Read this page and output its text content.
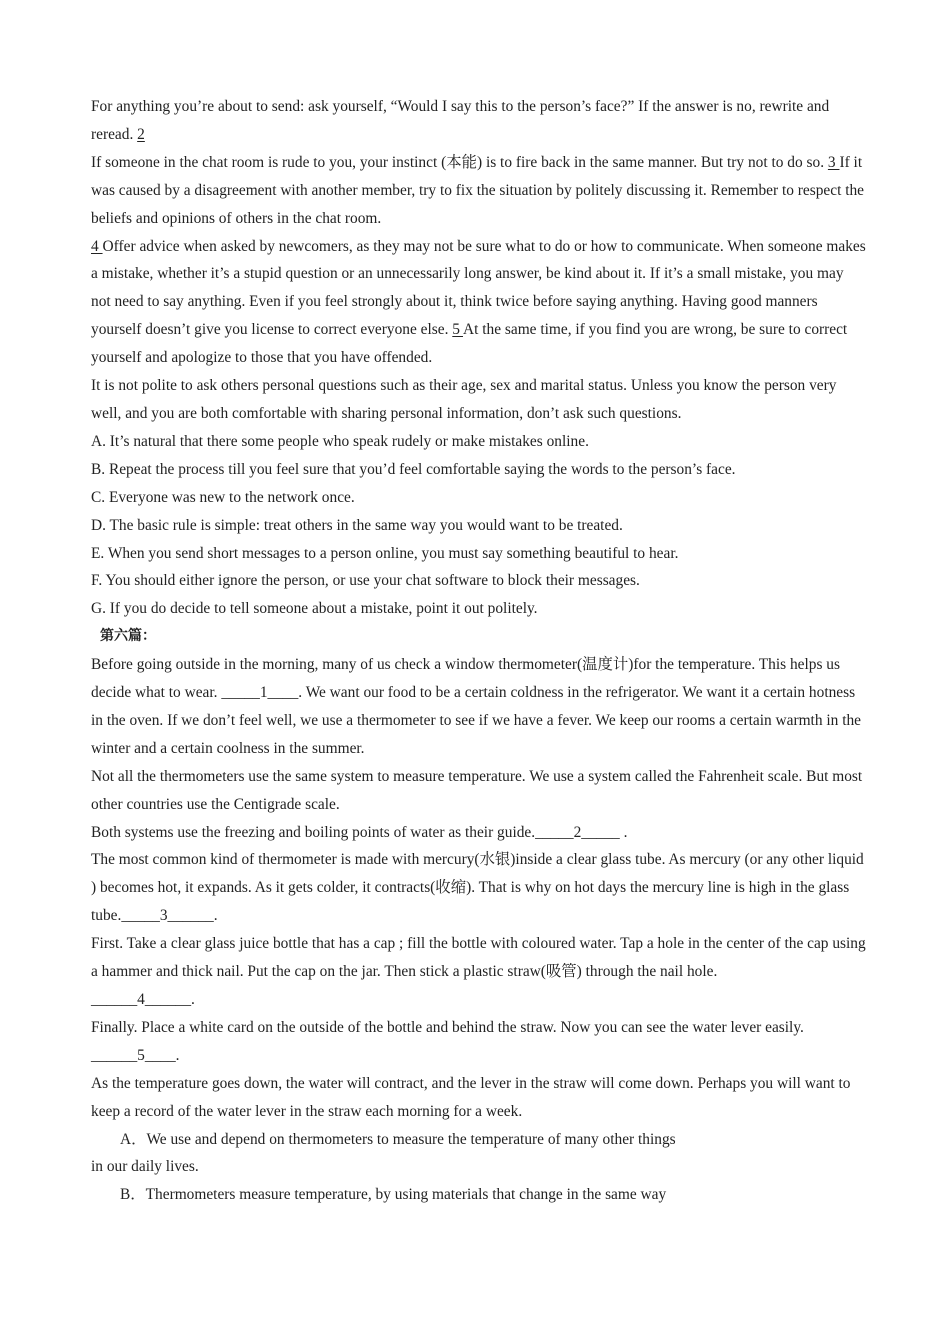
For anything you’re about to send: ask yourself, “Would I say this to the person’s face?” If the answer is no, rewrite and reread. 2

If someone in the chat room is rude to you, your instinct (本能) is to fire back in the same manner. But try not to do so. 3 If it was caused by a disagreement with another member, try to fix the situation by politely discussing it. Remember to respect the beliefs and opinions of others in the chat room.

4 Offer advice when asked by newcomers, as they may not be sure what to do or how to communicate. When someone makes a mistake, whether it’s a stupid question or an unnecessarily long answer, be kind about it. If it’s a small mistake, you may not need to say anything. Even if you feel strongly about it, think twice before saying anything. Having good manners yourself doesn’t give you license to correct everyone else. 5 At the same time, if you find you are wrong, be sure to correct yourself and apologize to those that you have offended.

It is not polite to ask others personal questions such as their age, sex and marital status. Unless you know the person very well, and you are both comfortable with sharing personal information, don’t ask such questions.

A. It’s natural that there some people who speak rudely or make mistakes online.

B. Repeat the process till you feel sure that you’d feel comfortable saying the words to the person’s face.

C. Everyone was new to the network once.

D. The basic rule is simple: treat others in the same way you would want to be treated.

E. When you send short messages to a person online, you must say something beautiful to hear.

F. You should either ignore the person, or use your chat software to block their messages.

G. If you do decide to tell someone about a mistake, point it out politely.

第六篇：

Before going outside in the morning, many of us check a window thermometer(温度计)for the temperature. This helps us decide what to wear. _____1____. We want our food to be a certain coldness in the refrigerator. We want it a certain hotness in the oven. If we don’t feel well, we use a thermometer to see if we have a fever. We keep our rooms a certain warmth in the winter and a certain coolness in the summer.

Not all the thermometers use the same system to measure temperature. We use a system called the Fahrenheit scale. But most other countries use the Centigrade scale.

Both systems use the freezing and boiling points of water as their guide._____2_____ .

The most common kind of thermometer is made with mercury(水银)inside a clear glass tube. As mercury (or any other liquid ) becomes hot, it expands. As it gets colder, it contracts(收缩). That is why on hot days the mercury line is high in the glass tube._____3______.

First. Take a clear glass juice bottle that has a cap ; fill the bottle with coloured water. Tap a hole in the center of the cap using a hammer and thick nail. Put the cap on the jar. Then stick a plastic straw(吸管) through the nail hole.

______4______.

Finally. Place a white card on the outside of the bottle and behind the straw. Now you can see the water lever easily.

______5____.

As the temperature goes down, the water will contract, and the lever in the straw will come down. Perhaps you will want to keep a record of the water lever in the straw each morning for a week.

A．We use and depend on thermometers to measure the temperature of many other things

in our daily lives.

B．Thermometers measure temperature, by using materials that change in the same way
